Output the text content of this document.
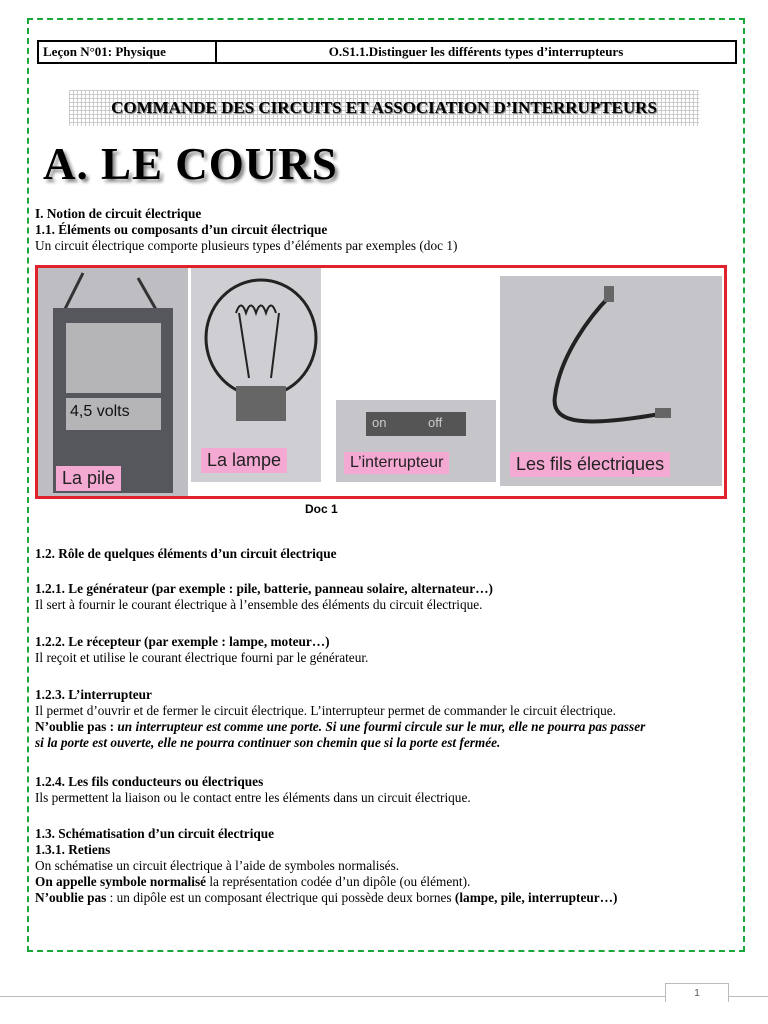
Leçon N°01: Physique	O.S1.1.Distinguer les différents types d’interrupteurs
COMMANDE DES CIRCUITS ET ASSOCIATION D’INTERRUPTEURS
A. LE COURS
I. Notion de circuit électrique
1.1. Éléments ou composants d’un circuit électrique
Un circuit électrique comporte plusieurs types d’éléments par exemples (doc 1)
4,5 volts
La pile
La lampe
on	off
L’interrupteur	Les fils électriques
Doc 1
1.2. Rôle de quelques éléments d’un circuit électrique
1.2.1. Le générateur (par exemple : pile, batterie, panneau solaire, alternateur…)
Il sert à fournir le courant électrique à l’ensemble des éléments du circuit électrique.
1.2.2. Le récepteur (par exemple : lampe, moteur…)
Il reçoit et utilise le courant électrique fourni par le générateur.
1.2.3. L’interrupteur
Il permet d’ouvrir et de fermer le circuit électrique. L’interrupteur permet de commander le circuit électrique.
N’oublie pas : un interrupteur est comme une porte. Si une fourmi circule sur le mur, elle ne pourra pas passer
si la porte est ouverte, elle ne pourra continuer son chemin que si la porte est fermée.
1.2.4. Les fils conducteurs ou électriques
Ils permettent la liaison ou le contact entre les éléments dans un circuit électrique.
1.3. Schématisation d’un circuit électrique
1.3.1. Retiens
On schématise un circuit électrique à l’aide de symboles normalisés.
On appelle symbole normalisé la représentation codée d’un dipôle (ou élément).
N’oublie pas : un dipôle est un composant électrique qui possède deux bornes (lampe, pile, interrupteur…)
1
